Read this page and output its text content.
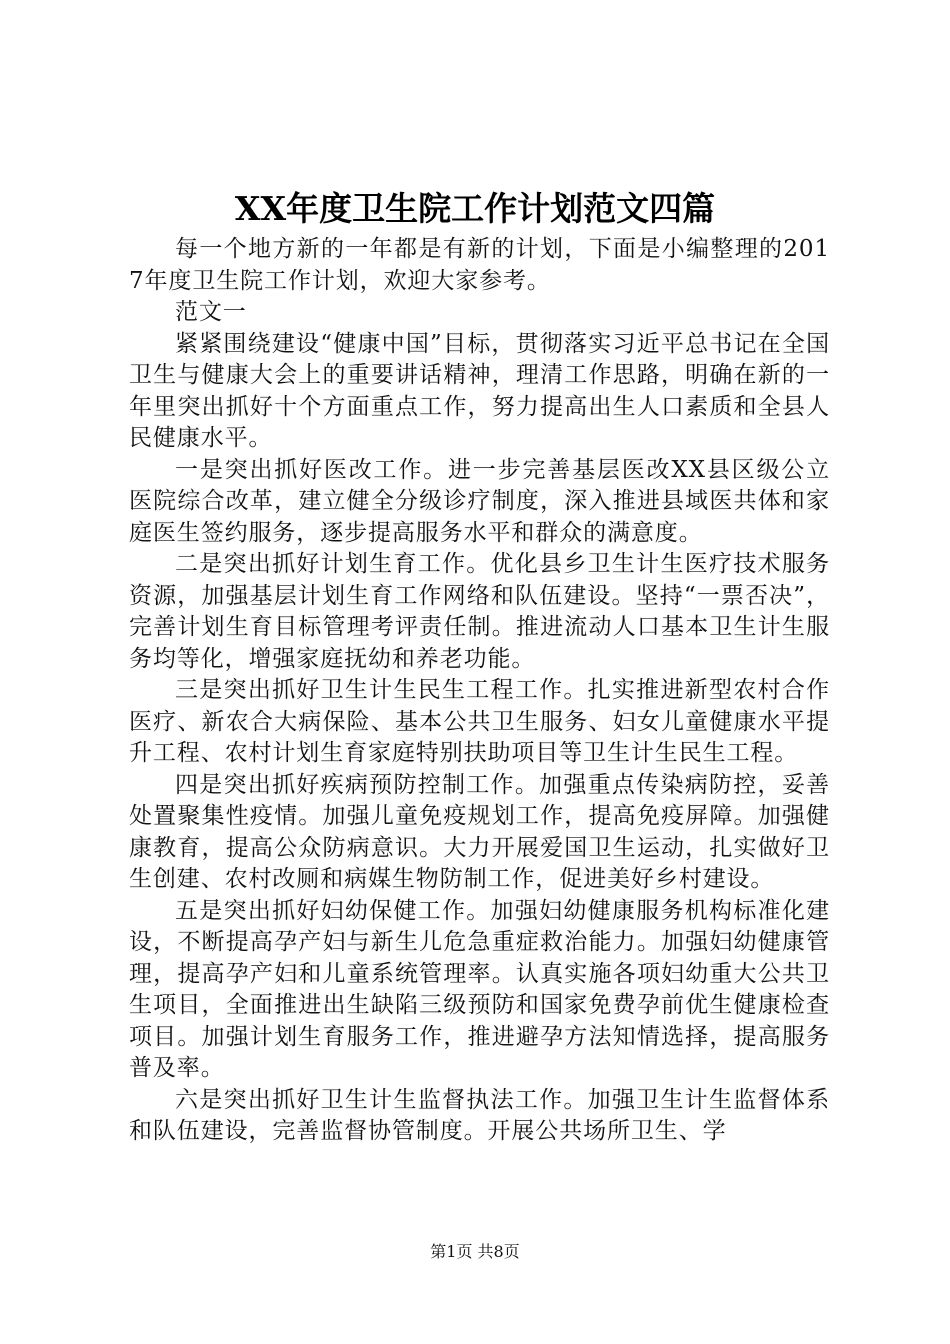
XX年度卫生院工作计划范文四篇

每一个地方新的一年都是有新的计划，下面是小编整理的2017年度卫生院工作计划，欢迎大家参考。

范文一

紧紧围绕建设“健康中国”目标，贯彻落实习近平总书记在全国卫生与健康大会上的重要讲话精神，理清工作思路，明确在新的一年里突出抓好十个方面重点工作，努力提高出生人口素质和全县人民健康水平。

一是突出抓好医改工作。进一步完善基层医改XX县区级公立医院综合改革，建立健全分级诊疗制度，深入推进县域医共体和家庭医生签约服务，逐步提高服务水平和群众的满意度。

二是突出抓好计划生育工作。优化县乡卫生计生医疗技术服务资源，加强基层计划生育工作网络和队伍建设。坚持“一票否决”，完善计划生育目标管理考评责任制。推进流动人口基本卫生计生服务均等化，增强家庭抚幼和养老功能。

三是突出抓好卫生计生民生工程工作。扎实推进新型农村合作医疗、新农合大病保险、基本公共卫生服务、妇女儿童健康水平提升工程、农村计划生育家庭特别扶助项目等卫生计生民生工程。

四是突出抓好疾病预防控制工作。加强重点传染病防控，妥善处置聚集性疫情。加强儿童免疫规划工作，提高免疫屏障。加强健康教育，提高公众防病意识。大力开展爱国卫生运动，扎实做好卫生创建、农村改厕和病媒生物防制工作，促进美好乡村建设。

五是突出抓好妇幼保健工作。加强妇幼健康服务机构标准化建设，不断提高孕产妇与新生儿危急重症救治能力。加强妇幼健康管理，提高孕产妇和儿童系统管理率。认真实施各项妇幼重大公共卫生项目，全面推进出生缺陷三级预防和国家免费孕前优生健康检查项目。加强计划生育服务工作，推进避孕方法知情选择，提高服务普及率。

六是突出抓好卫生计生监督执法工作。加强卫生计生监督体系和队伍建设，完善监督协管制度。开展公共场所卫生、学

第1页 共8页
